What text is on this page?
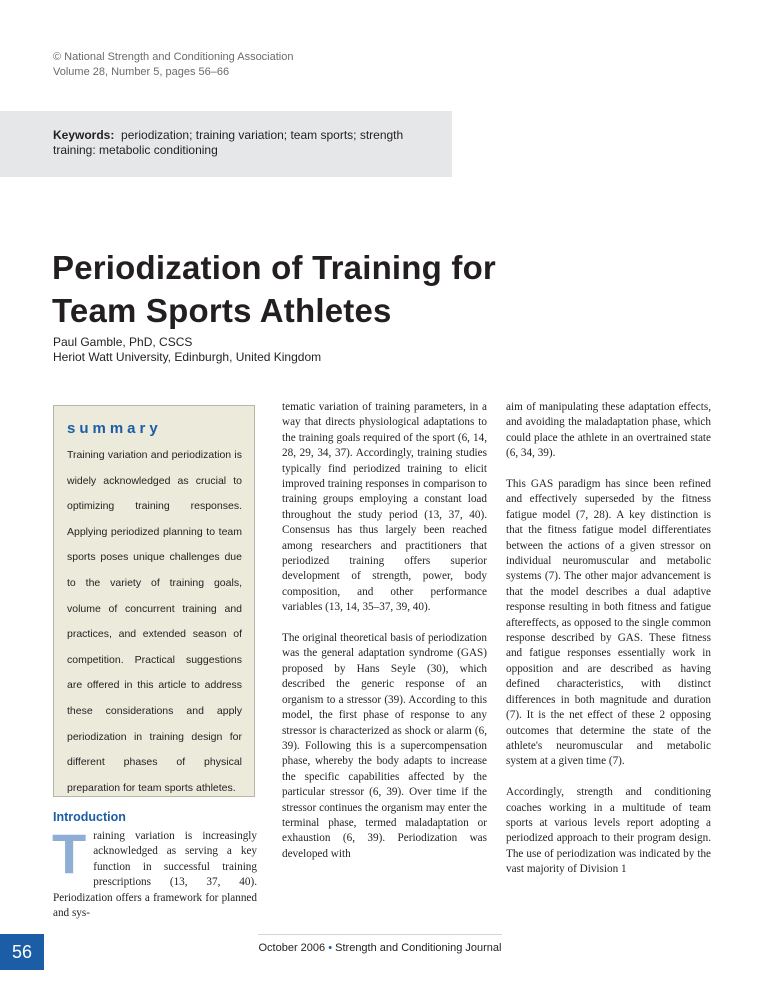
© National Strength and Conditioning Association
Volume 28, Number 5, pages 56–66
Keywords: periodization; training variation; team sports; strength training: metabolic conditioning
Periodization of Training for
Team Sports Athletes
Paul Gamble, PhD, CSCS
Heriot Watt University, Edinburgh, United Kingdom
summary

Training variation and periodization is widely acknowledged as crucial to optimizing training responses. Applying periodized planning to team sports poses unique challenges due to the variety of training goals, volume of concurrent training and practices, and extended season of competition. Practical suggestions are offered in this article to address these considerations and apply periodization in training design for different phases of physical preparation for team sports athletes.

Introduction

Training variation is increasingly acknowledged as serving a key function in successful training prescriptions (13, 37, 40). Periodization offers a framework for planned and sys-

tematic variation of training parameters, in a way that directs physiological adaptations to the training goals required of the sport (6, 14, 28, 29, 34, 37). Accordingly, training studies typically find periodized training to elicit improved training responses in comparison to training groups employing a constant load throughout the study period (13, 37, 40). Consensus has thus largely been reached among researchers and practitioners that periodized training offers superior development of strength, power, body composition, and other performance variables (13, 14, 35–37, 39, 40).

The original theoretical basis of periodization was the general adaptation syndrome (GAS) proposed by Hans Seyle (30), which described the generic response of an organism to a stressor (39). According to this model, the first phase of response to any stressor is characterized as shock or alarm (6, 39). Following this is a supercompensation phase, whereby the body adapts to increase the specific capabilities affected by the particular stressor (6, 39). Over time if the stressor continues the organism may enter the terminal phase, termed maladaptation or exhaustion (6, 39). Periodization was developed with

aim of manipulating these adaptation effects, and avoiding the maladaptation phase, which could place the athlete in an overtrained state (6, 34, 39).

This GAS paradigm has since been refined and effectively superseded by the fitness fatigue model (7, 28). A key distinction is that the fitness fatigue model differentiates between the actions of a given stressor on individual neuromuscular and metabolic systems (7). The other major advancement is that the model describes a dual adaptive response resulting in both fitness and fatigue aftereffects, as opposed to the single common response described by GAS. These fitness and fatigue responses essentially work in opposition and are described as having defined characteristics, with distinct differences in both magnitude and duration (7). It is the net effect of these 2 opposing outcomes that determine the state of the athlete's neuromuscular and metabolic system at a given time (7).

Accordingly, strength and conditioning coaches working in a multitude of team sports at various levels report adopting a periodized approach to their program design. The use of periodization was indicated by the vast majority of Division 1

56	October 2006 • Strength and Conditioning Journal
